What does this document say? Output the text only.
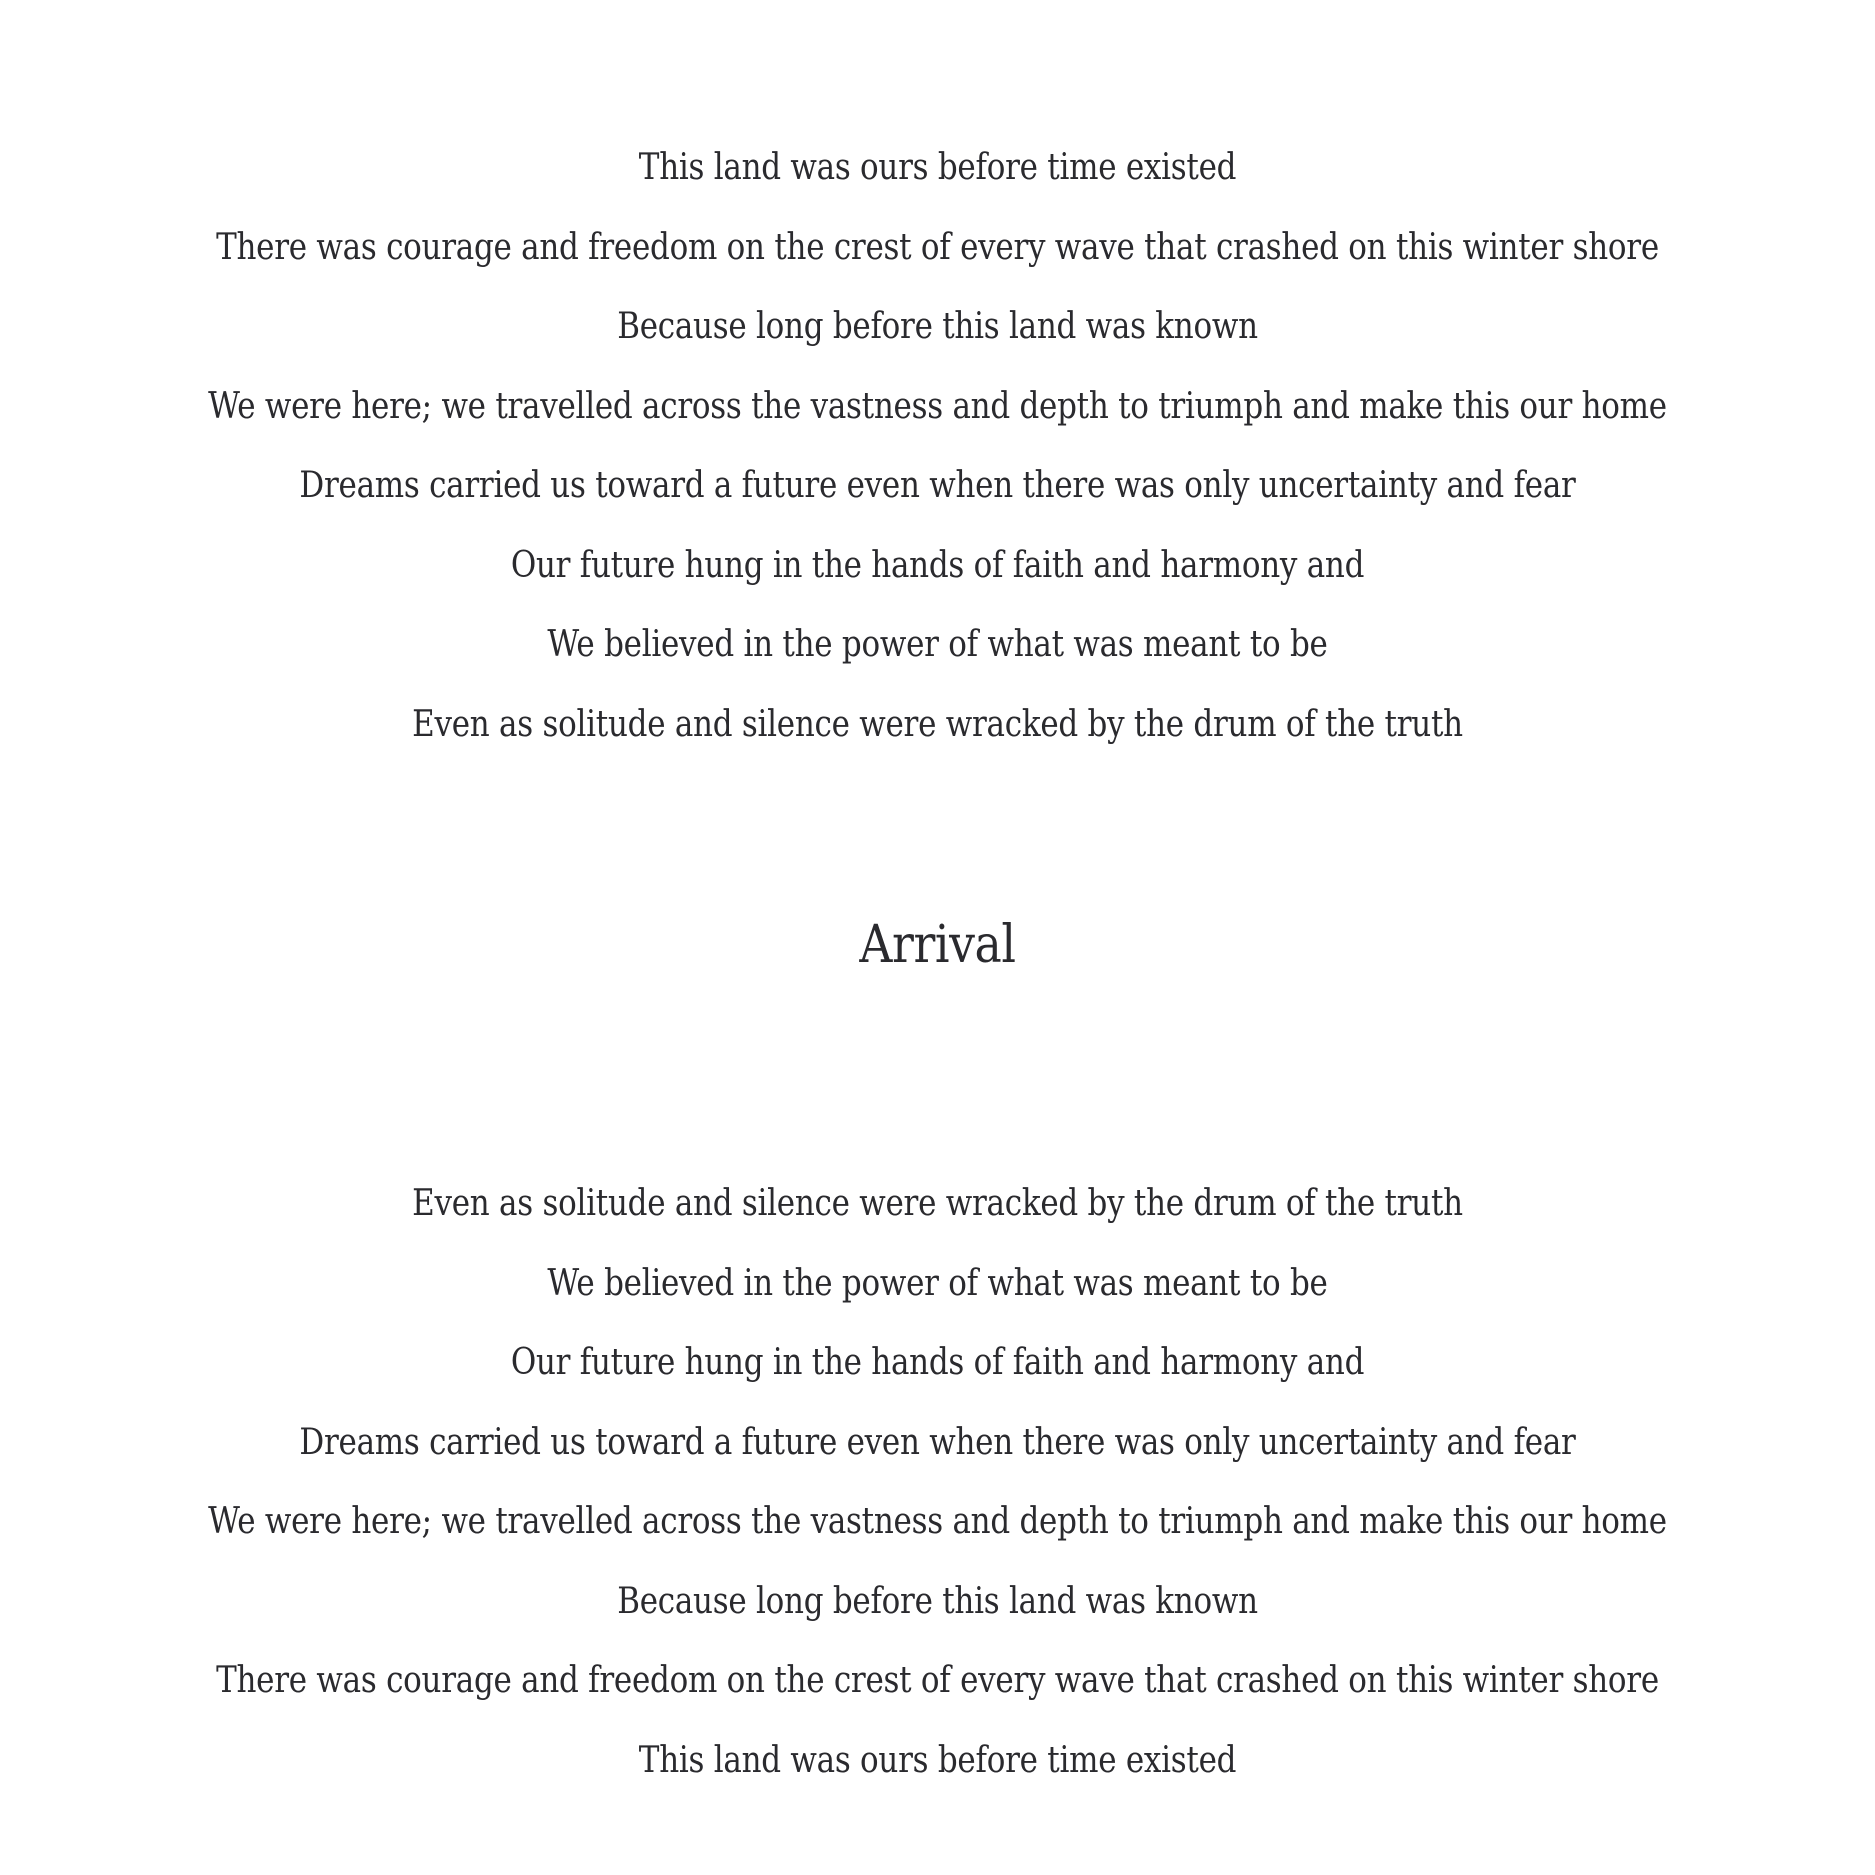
This land was ours before time existed
There was courage and freedom on the crest of every wave that crashed on this winter shore
Because long before this land was known
We were here; we travelled across the vastness and depth to triumph and make this our home
Dreams carried us toward a future even when there was only uncertainty and fear
Our future hung in the hands of faith and harmony and
We believed in the power of what was meant to be
Even as solitude and silence were wracked by the drum of the truth
Arrival
Even as solitude and silence were wracked by the drum of the truth
We believed in the power of what was meant to be
Our future hung in the hands of faith and harmony and
Dreams carried us toward a future even when there was only uncertainty and fear
We were here; we travelled across the vastness and depth to triumph and make this our home
Because long before this land was known
There was courage and freedom on the crest of every wave that crashed on this winter shore
This land was ours before time existed
